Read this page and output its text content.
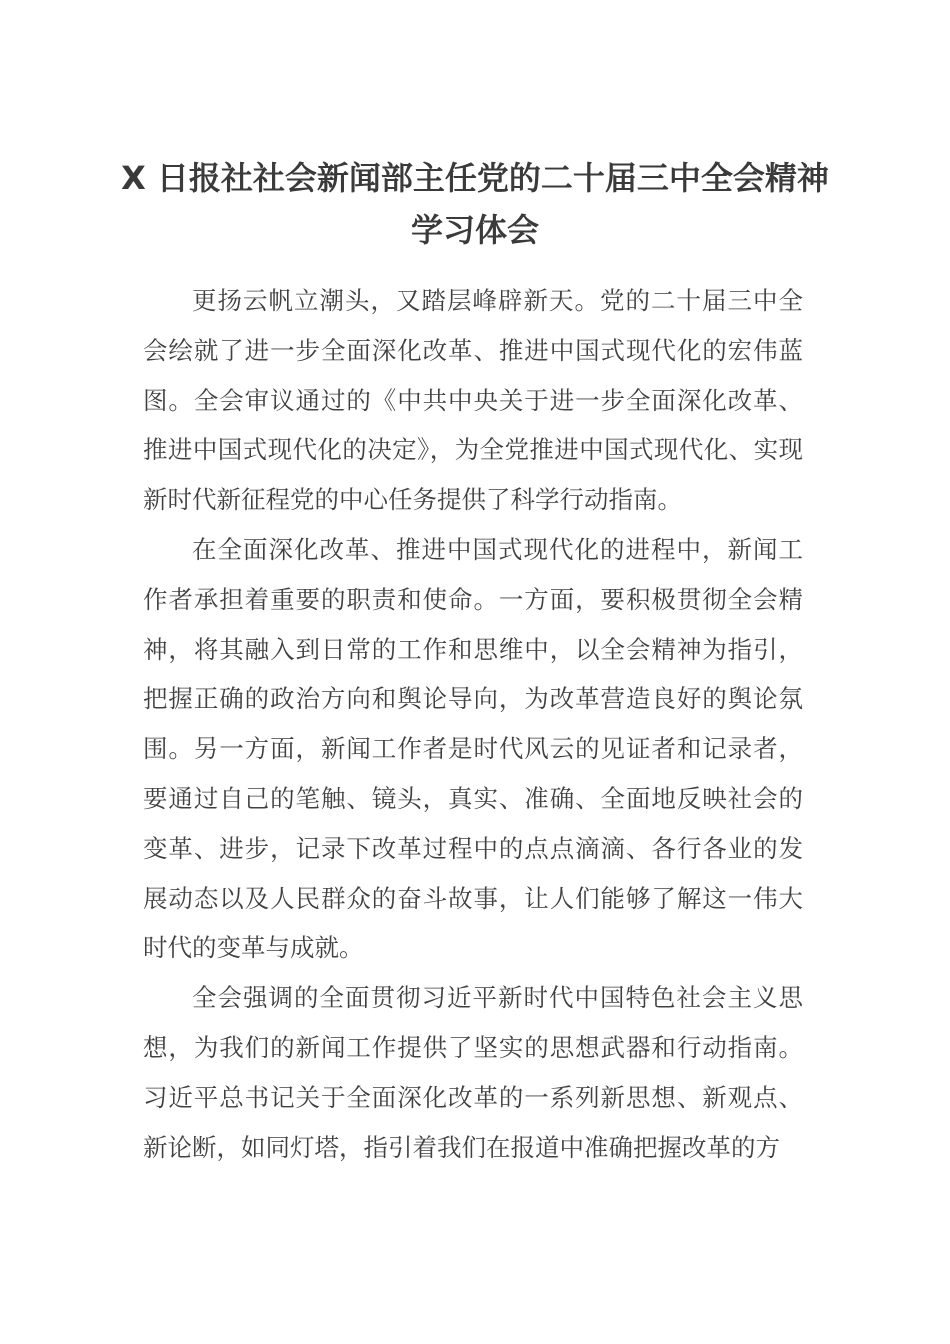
X 日报社社会新闻部主任党的二十届三中全会精神学习体会

更扬云帆立潮头，又踏层峰辟新天。党的二十届三中全会绘就了进一步全面深化改革、推进中国式现代化的宏伟蓝图。全会审议通过的《中共中央关于进一步全面深化改革、推进中国式现代化的决定》，为全党推进中国式现代化、实现新时代新征程党的中心任务提供了科学行动指南。

在全面深化改革、推进中国式现代化的进程中，新闻工作者承担着重要的职责和使命。一方面，要积极贯彻全会精神，将其融入到日常的工作和思维中，以全会精神为指引，把握正确的政治方向和舆论导向，为改革营造良好的舆论氛围。另一方面，新闻工作者是时代风云的见证者和记录者，要通过自己的笔触、镜头，真实、准确、全面地反映社会的变革、进步，记录下改革过程中的点点滴滴、各行各业的发展动态以及人民群众的奋斗故事，让人们能够了解这一伟大时代的变革与成就。

全会强调的全面贯彻习近平新时代中国特色社会主义思想，为我们的新闻工作提供了坚实的思想武器和行动指南。习近平总书记关于全面深化改革的一系列新思想、新观点、新论断，如同灯塔，指引着我们在报道中准确把握改革的方
